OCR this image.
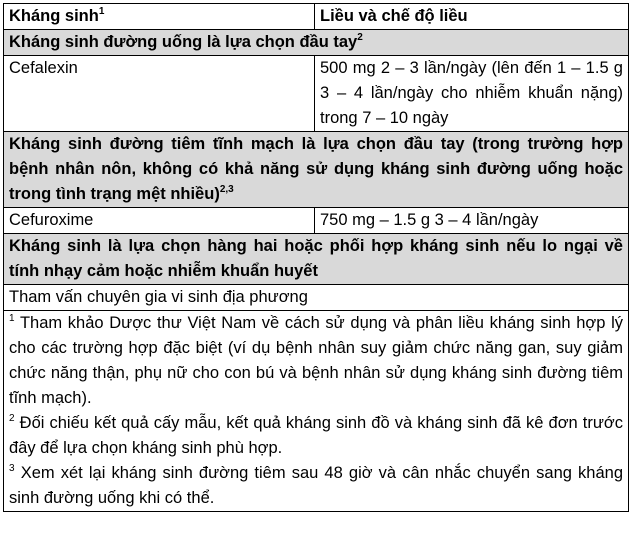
Kháng $\sinh^1$	Liều và chế độ liều
Kháng sinh đường uống là lựa chọn đầu tay$^2$
Cefalexin	500 mg 2 – 3 lần/ngày (lên đến 1 – 1.5 g 3 – 4 lần/ngày cho nhiễm khuẩn nặng) trong 7 – 10 ngày
Kháng sinh đường tiêm tĩnh mạch là lựa chọn đầu tay (trong trường hợp bệnh nhân nôn, không có khả năng sử dụng kháng sinh đường uống hoặc trong tình trạng mệt nhiều)$^{2,3}$
Cefuroxime	750 mg – 1.5 g 3 – 4 lần/ngày
Kháng sinh là lựa chọn hàng hai hoặc phối hợp kháng sinh nếu lo ngại về tính nhạy cảm hoặc nhiễm khuẩn huyết	
Tham vấn chuyên gia vi sinh địa phương	

$^1$ Tham khảo Dược thư Việt Nam về cách sử dụng và phân liều kháng sinh hợp lý cho các trường hợp đặc biệt (ví dụ bệnh nhân suy giảm chức năng gan, suy giảm chức năng thận, phụ nữ cho con bú và bệnh nhân sử dụng kháng sinh đường tiêm tĩnh mạch).

$^2$ Đối chiếu kết quả cấy mẫu, kết quả kháng sinh đồ và kháng sinh đã kê đơn trước đây để lựa chọn kháng sinh phù hợp.

$^3$ Xem xét lại kháng sinh đường tiêm sau 48 giờ và cân nhắc chuyển sang kháng sinh đường uống khi có thể.	
